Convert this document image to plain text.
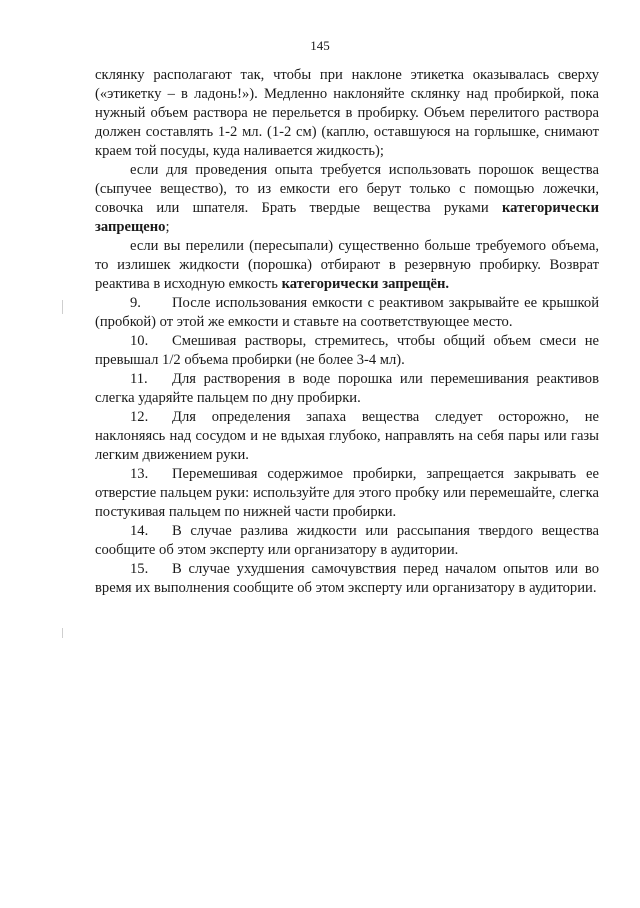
145

склянку располагают так, чтобы при наклоне этикетка оказывалась сверху («этикетку – в ладонь!»). Медленно наклоняйте склянку над пробиркой, пока нужный объем раствора не перельется в пробирку. Объем перелитого раствора должен составлять 1-2 мл. (1-2 см) (каплю, оставшуюся на горлышке, снимают краем той посуды, куда наливается жидкость);

если для проведения опыта требуется использовать порошок вещества (сыпучее вещество), то из емкости его берут только с помощью ложечки, совочка или шпателя. Брать твердые вещества руками категорически запрещено;

если вы перелили (пересыпали) существенно больше требуемого объема, то излишек жидкости (порошка) отбирают в резервную пробирку. Возврат реактива в исходную емкость категорически запрещён.

9. После использования емкости с реактивом закрывайте ее крышкой (пробкой) от этой же емкости и ставьте на соответствующее место.

10. Смешивая растворы, стремитесь, чтобы общий объем смеси не превышал 1/2 объема пробирки (не более 3-4 мл).

11. Для растворения в воде порошка или перемешивания реактивов слегка ударяйте пальцем по дну пробирки.

12. Для определения запаха вещества следует осторожно, не наклоняясь над сосудом и не вдыхая глубоко, направлять на себя пары или газы легким движением руки.

13. Перемешивая содержимое пробирки, запрещается закрывать ее отверстие пальцем руки: используйте для этого пробку или перемешайте, слегка постукивая пальцем по нижней части пробирки.

14. В случае разлива жидкости или рассыпания твердого вещества сообщите об этом эксперту или организатору в аудитории.

15. В случае ухудшения самочувствия перед началом опытов или во время их выполнения сообщите об этом эксперту или организатору в аудитории.
